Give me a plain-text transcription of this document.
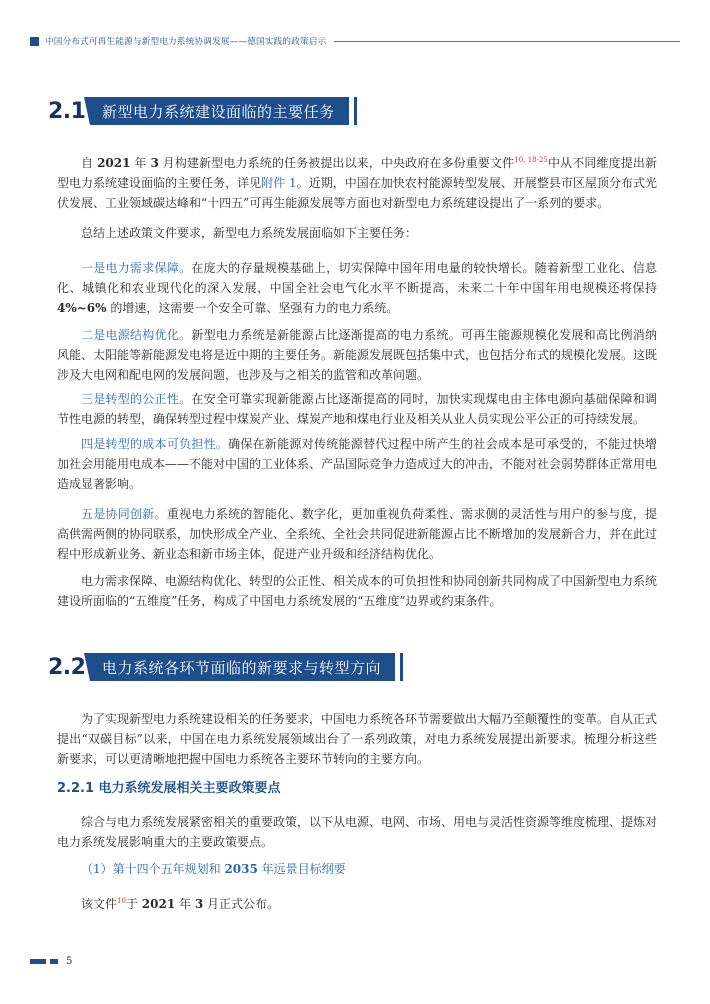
中国分布式可再生能源与新型电力系统协调发展——德国实践的政策启示
2.1	新型电力系统建设面临的主要任务

自 2021 年 3 月构建新型电力系统的任务被提出以来，中央政府在多份重要文件$^{10, 18-25}$中从不同维度提出新型电力系统建设面临的主要任务，详见附件 1。近期，中国在加快农村能源转型发展、开展整县市区屋顶分布式光伏发展、工业领域碳达峰和“十四五”可再生能源发展等方面也对新型电力系统建设提出了一系列的要求。

总结上述政策文件要求，新型电力系统发展面临如下主要任务：

一是电力需求保障。在庞大的存量规模基础上，切实保障中国年用电量的较快增长。随着新型工业化、信息化、城镇化和农业现代化的深入发展，中国全社会电气化水平不断提高，未来二十年中国年用电规模还将保持 4%~6% 的增速，这需要一个安全可靠、坚强有力的电力系统。

二是电源结构优化。新型电力系统是新能源占比逐渐提高的电力系统。可再生能源规模化发展和高比例消纳风能、太阳能等新能源发电将是近中期的主要任务。新能源发展既包括集中式，也包括分布式的规模化发展。这既涉及大电网和配电网的发展问题，也涉及与之相关的监管和改革问题。

三是转型的公正性。在安全可靠实现新能源占比逐渐提高的同时，加快实现煤电由主体电源向基础保障和调节性电源的转型，确保转型过程中煤炭产业、煤炭产地和煤电行业及相关从业人员实现公平公正的可持续发展。

四是转型的成本可负担性。确保在新能源对传统能源替代过程中所产生的社会成本是可承受的，不能过快增加社会用能用电成本——不能对中国的工业体系、产品国际竞争力造成过大的冲击，不能对社会弱势群体正常用电造成显著影响。

五是协同创新。重视电力系统的智能化、数字化，更加重视负荷柔性、需求侧的灵活性与用户的参与度，提高供需两侧的协同联系，加快形成全产业、全系统、全社会共同促进新能源占比不断增加的发展新合力，并在此过程中形成新业务、新业态和新市场主体，促进产业升级和经济结构优化。

电力需求保障、电源结构优化、转型的公正性、相关成本的可负担性和协同创新共同构成了中国新型电力系统建设所面临的“五维度”任务，构成了中国电力系统发展的“五维度”边界或约束条件。

2.2	电力系统各环节面临的新要求与转型方向

为了实现新型电力系统建设相关的任务要求，中国电力系统各环节需要做出大幅乃至颠覆性的变革。自从正式提出“双碳目标”以来，中国在电力系统发展领域出台了一系列政策，对电力系统发展提出新要求。梳理分析这些新要求，可以更清晰地把握中国电力系统各主要环节转向的主要方向。

2.2.1 电力系统发展相关主要政策要点

综合与电力系统发展紧密相关的重要政策，以下从电源、电网、市场、用电与灵活性资源等维度梳理、提炼对电力系统发展影响重大的主要政策要点。

（1）第十四个五年规划和 2035 年远景目标纲要

该文件$^{10}$于 2021 年 3 月正式公布。

5
